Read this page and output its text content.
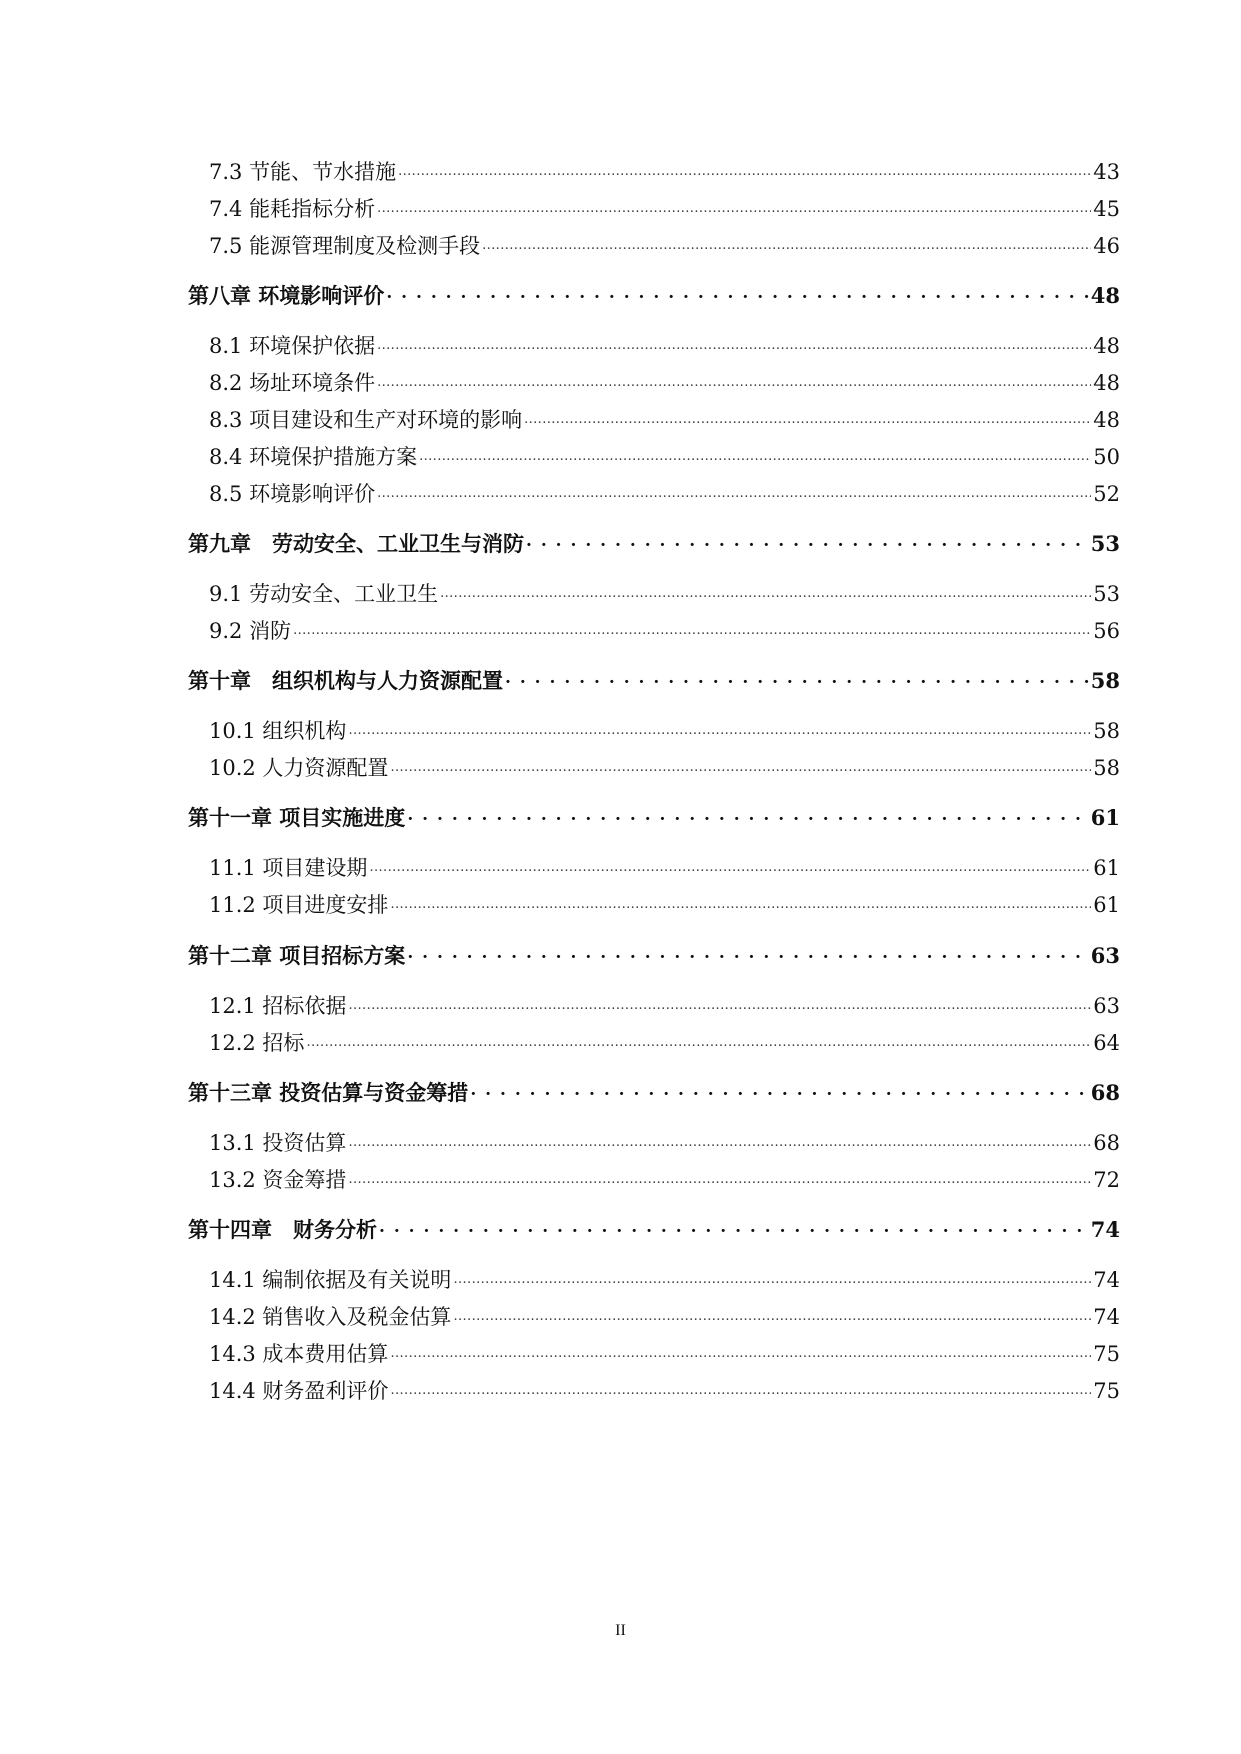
7.3 节能、节水措施 .....	43
7.4 能耗指标分析 .....	45
7.5 能源管理制度及检测手段 .....	46
第八章 环境影响评价 . . .	48
8.1 环境保护依据 .....	48
8.2 场址环境条件 .....	48
8.3 项目建设和生产对环境的影响 .....	48
8.4 环境保护措施方案 .....	50
8.5 环境影响评价 .....	52
第九章　劳动安全、工业卫生与消防 . . .	53
9.1 劳动安全、工业卫生 .....	53
9.2 消防 .....	56
第十章　组织机构与人力资源配置 . . .	58
10.1 组织机构 .....	58
10.2 人力资源配置 .....	58
第十一章 项目实施进度 . . .	61
11.1 项目建设期 .....	61
11.2 项目进度安排 .....	61
第十二章 项目招标方案 . . .	63
12.1 招标依据 .....	63
12.2 招标 .....	64
第十三章 投资估算与资金筹措 . . .	68
13.1 投资估算 .....	68
13.2 资金筹措 .....	72
第十四章　财务分析 . . .	74
14.1 编制依据及有关说明 .....	74
14.2 销售收入及税金估算 .....	74
14.3 成本费用估算 .....	75
14.4 财务盈利评价 .....	75
II
